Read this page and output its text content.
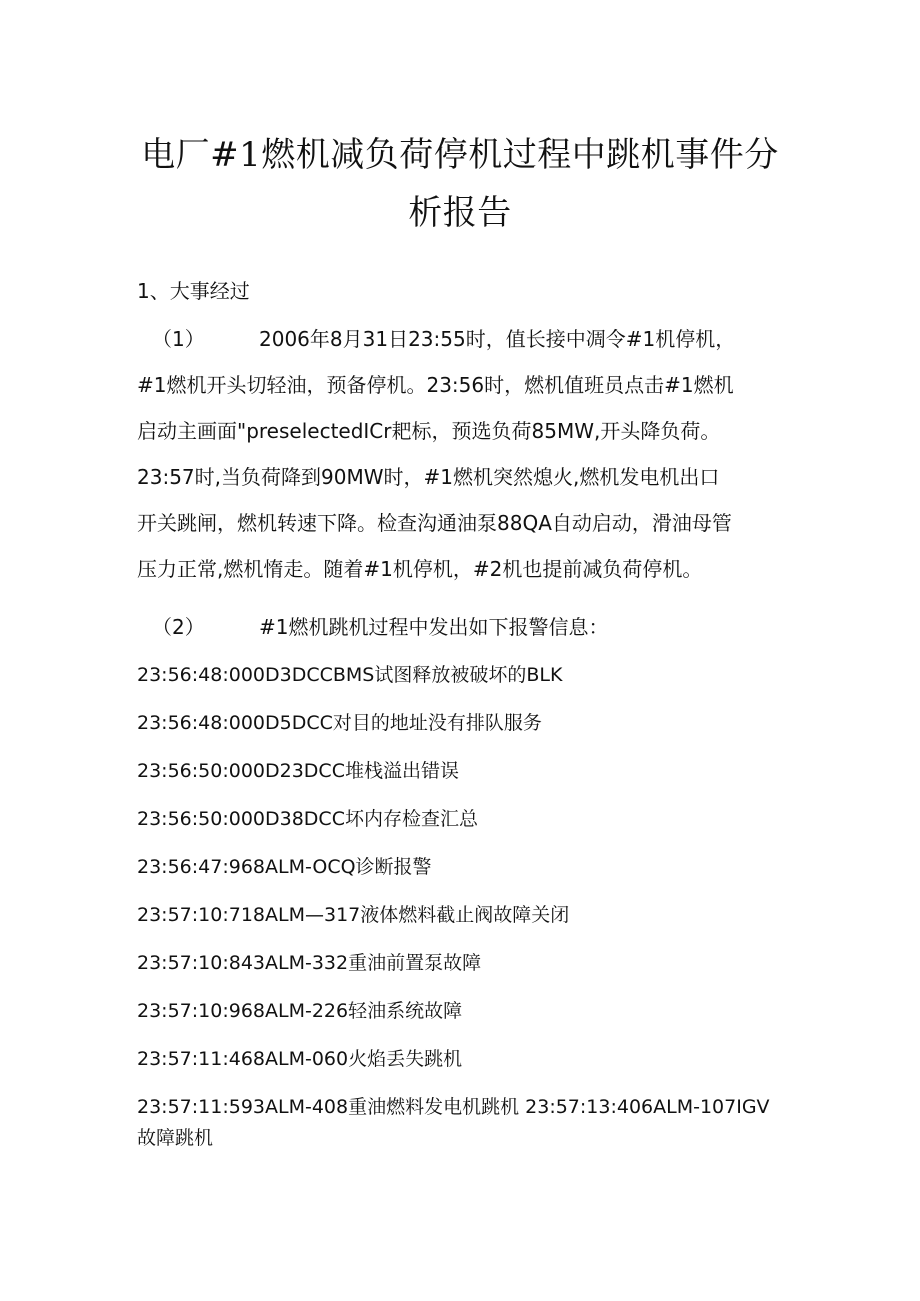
电厂#1燃机减负荷停机过程中跳机事件分
析报告
1、大事经过
（1）	2006年8月31日23:55时，值长接中凋令#1机停机，
#1燃机开头切轻油，预备停机。23:56时，燃机值班员点击#1燃机
启动主画面"preselectedICr耙标，预选负荷85MW,开头降负荷。
23:57时,当负荷降到90MW时，#1燃机突然熄火,燃机发电机出口
开关跳闸，燃机转速下降。检查沟通油泵88QA自动启动，滑油母管
压力正常,燃机惰走。随着#1机停机，#2机也提前减负荷停机。
（2）	#1燃机跳机过程中发出如下报警信息：
23:56:48:000D3DCCBMS试图释放被破坏的BLK
23:56:48:000D5DCC对目的地址没有排队服务
23:56:50:000D23DCC堆栈溢出错误
23:56:50:000D38DCC坏内存检查汇总
23:56:47:968ALM-OCQ诊断报警
23:57:10:718ALM—317液体燃料截止阀故障关闭
23:57:10:843ALM-332重油前置泵故障
23:57:10:968ALM-226轻油系统故障
23:57:11:468ALM-060火焰丢失跳机
23:57:11:593ALM-408重油燃料发电机跳机 23:57:13:406ALM-107IGV故障跳机
